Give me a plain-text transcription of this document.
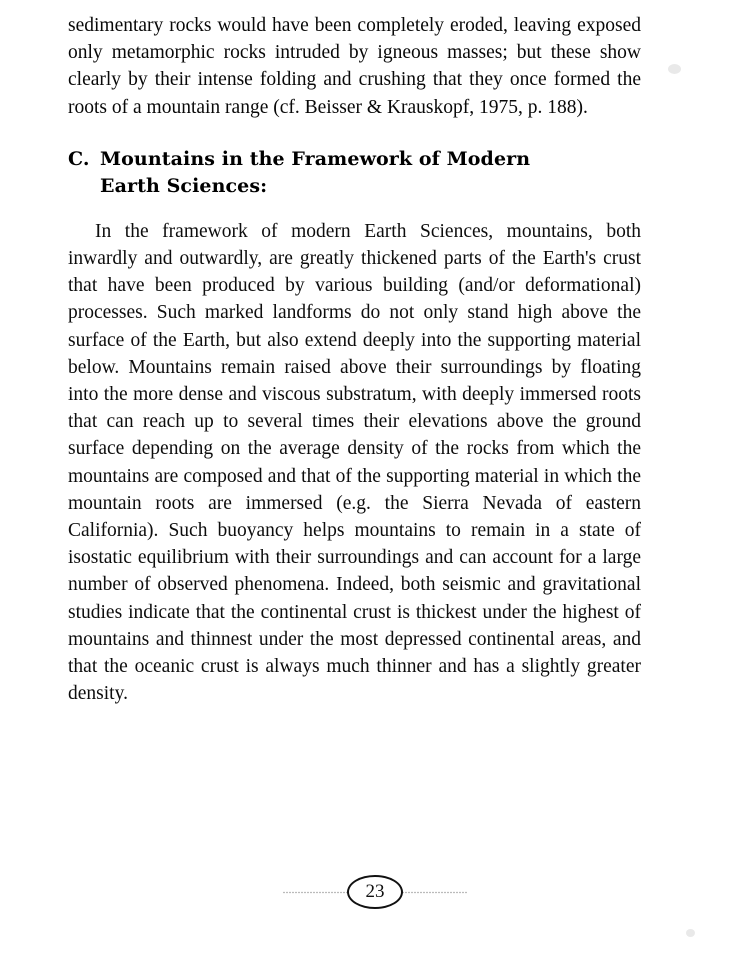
sedimentary rocks would have been completely eroded, leaving exposed only metamorphic rocks intruded by igneous masses; but these show clearly by their intense folding and crushing that they once formed the roots of a mountain range (cf. Beisser & Krauskopf, 1975, p. 188).

C. Mountains in the Framework of Modern
Earth Sciences:

In the framework of modern Earth Sciences, mountains, both inwardly and outwardly, are greatly thickened parts of the Earth's crust that have been produced by various building (and/or deformational) processes. Such marked landforms do not only stand high above the surface of the Earth, but also extend deeply into the supporting material below. Mountains remain raised above their surroundings by floating into the more dense and viscous substratum, with deeply immersed roots that can reach up to several times their elevations above the ground surface depending on the average density of the rocks from which the mountains are composed and that of the supporting material in which the mountain roots are immersed (e.g. the Sierra Nevada of eastern California). Such buoyancy helps mountains to remain in a state of isostatic equilibrium with their surroundings and can account for a large number of observed phenomena. Indeed, both seismic and gravitational studies indicate that the continental crust is thickest under the highest of mountains and thinnest under the most depressed continental areas, and that the oceanic crust is always much thinner and has a slightly greater density.

23
